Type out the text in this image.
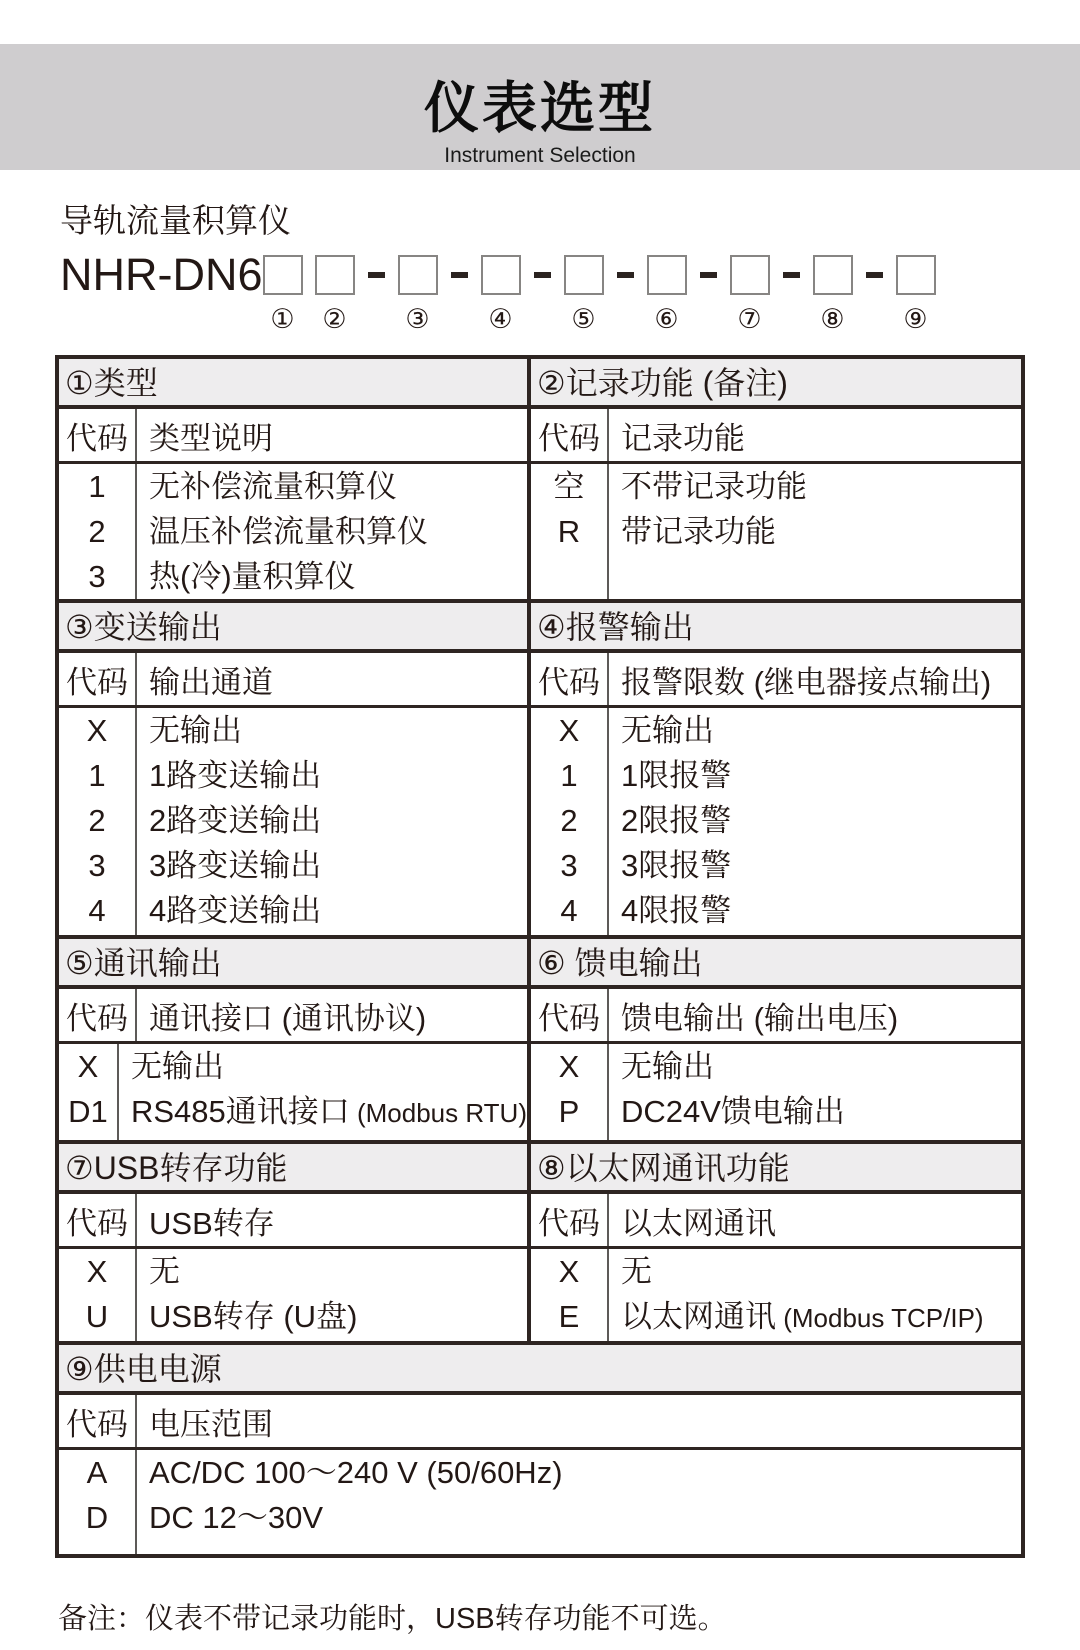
仪表选型
Instrument Selection
导轨流量积算仪
NHR-DN6
① ② ③ ④ ⑤ ⑥ ⑦ ⑧ ⑨
①类型
代码 类型说明
1
2
3
无补偿流量积算仪
温压补偿流量积算仪
热(冷)量积算仪
②记录功能 (备注)
代码 记录功能
空
R
不带记录功能
带记录功能
③变送输出
代码 输出通道
X
1
2
3
4
无输出
1路变送输出
2路变送输出
3路变送输出
4路变送输出
④报警输出
代码 报警限数 (继电器接点输出)
X
1
2
3
4
无输出
1限报警
2限报警
3限报警
4限报警
⑤通讯输出
代码 通讯接口 (通讯协议)
X
D1
无输出
RS485通讯接口 (Modbus RTU)
⑥ 馈电输出
代码 馈电输出 (输出电压)
X
P
无输出
DC24V馈电输出
⑦USB转存功能
代码 USB转存
X
U
无
USB转存 (U盘)
⑧以太网通讯功能
代码 以太网通讯
X
E
无
以太网通讯 (Modbus TCP/IP)
⑨供电电源
代码 电压范围
A
D
AC/DC 100～240 V (50/60Hz)
DC 12～30V
备注：仪表不带记录功能时，USB转存功能不可选。
